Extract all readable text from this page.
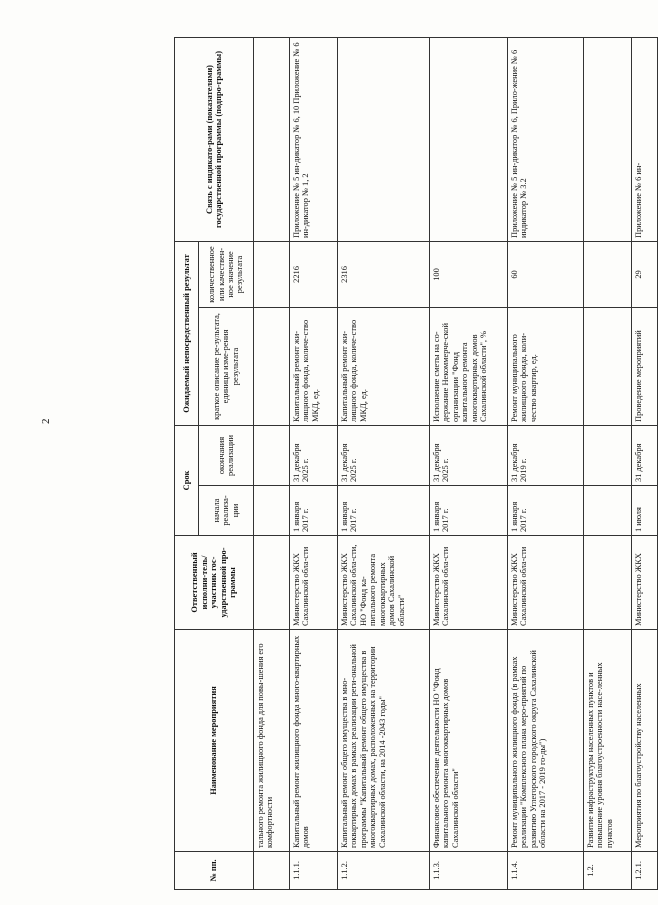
2
№ пп.	Наименование мероприятия	Ответственный исполни-тель/участник гос-ударственной про-граммы	Срок		Ожидаемый непосредственный результат		Связь с индикато-рами (показателями) государственной программы (подпро-граммы)
			начала реализа-ции	окончания реализации	краткое описание ре-зультата, единицы изме-рения результата	количественное или качествен-ное значение результата	
	тального ремонта жилищного фонда для повы-шения его комфортности						
1.1.1.	Капитальный ремонт жилищного фонда много-квартирных домов	Министерство ЖКХ Сахалинской обла-сти	1 января 2017 г.	31 декабря 2025 г.	Капитальный ремонт жи-лищного фонда, количе-ство МКД, ед.	2216	Приложение № 5 ин-дикатор № 6, 10 Приложение № 6 ин-дикатор № 1, 2
1.1.2.	Капитальный ремонт общего имущества в мно-гоквартирных домах в рамках реализации реги-ональной программы "Капитальный ремонт общего имущества в многоквартирных домах, расположенных на территории Сахалинской области, на 2014 -2043 годы"	Министерство ЖКХ Сахалинской обла-сти, НО "Фонд ка-питального ремонта многоквартирных домов Сахалинской области"	1 января 2017 г.	31 декабря 2025 г.	Капитальный ремонт жи-лищного фонда, количе-ство МКД, ед.	2316	
1.1.3.	Финансовое обеспечение деятельности НО "Фонд капитального ремонта многоквартирных домов Сахалинской области"	Министерство ЖКХ Сахалинской обла-сти	1 января 2017 г.	31 декабря 2025 г.	Исполнение сметы на со-держание Некоммерче-ской организации "Фонд капитального ремонта многоквартирных домов Сахалинской области", %	100	
1.1.4.	Ремонт муниципального жилищного фонда (в рамках реализации "Комплексного плана меро-приятий по развитию Углегорского городского округа Сахалинской области на 2017 - 2019 го-ды")	Министерство ЖКХ Сахалинской обла-сти	1 января 2017 г.	31 декабря 2019 г.	Ремонт муниципального жилищного фонда, коли-чество квартир, ед.	60	Приложение № 5 ин-дикатор № 6, Прило-жение № 6 индикатор № 3.2
1.2.	Развитие инфраструктуры населенных пунктов и повышение уровня благоустроенности насе-ленных пунктов						
1.2.1.	Мероприятия по благоустройству населенных	Министерство ЖКХ	1 июля	31 декабря	Проведение мероприятий	29	Приложение № 6 ин-
